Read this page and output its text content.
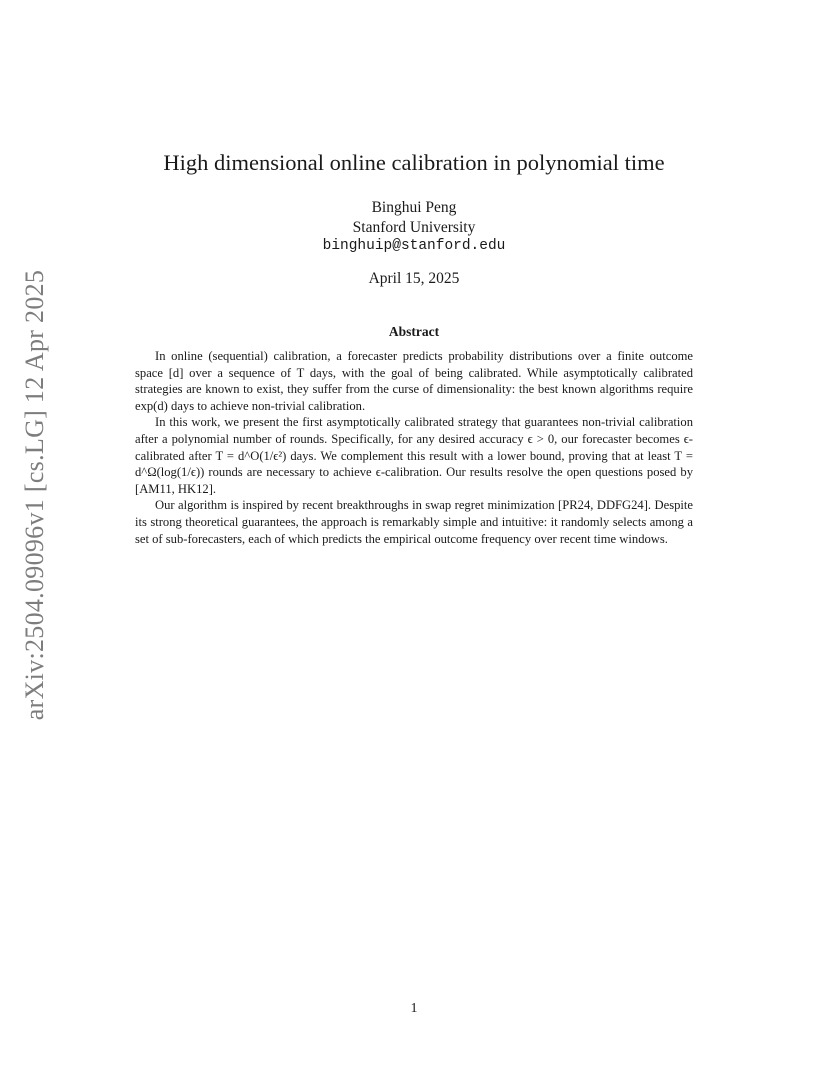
arXiv:2504.09096v1 [cs.LG] 12 Apr 2025
High dimensional online calibration in polynomial time
Binghui Peng
Stanford University
binghuip@stanford.edu
April 15, 2025
Abstract

In online (sequential) calibration, a forecaster predicts probability distributions over a finite outcome space [d] over a sequence of T days, with the goal of being calibrated. While asymptotically calibrated strategies are known to exist, they suffer from the curse of dimensionality: the best known algorithms require exp(d) days to achieve non-trivial calibration.

In this work, we present the first asymptotically calibrated strategy that guarantees non-trivial calibration after a polynomial number of rounds. Specifically, for any desired accuracy ϵ > 0, our forecaster becomes ϵ-calibrated after T = d^O(1/ϵ²) days. We complement this result with a lower bound, proving that at least T = d^Ω(log(1/ϵ)) rounds are necessary to achieve ϵ-calibration. Our results resolve the open questions posed by [AM11, HK12].

Our algorithm is inspired by recent breakthroughs in swap regret minimization [PR24, DDFG24]. Despite its strong theoretical guarantees, the approach is remarkably simple and intuitive: it randomly selects among a set of sub-forecasters, each of which predicts the empirical outcome frequency over recent time windows.

1
